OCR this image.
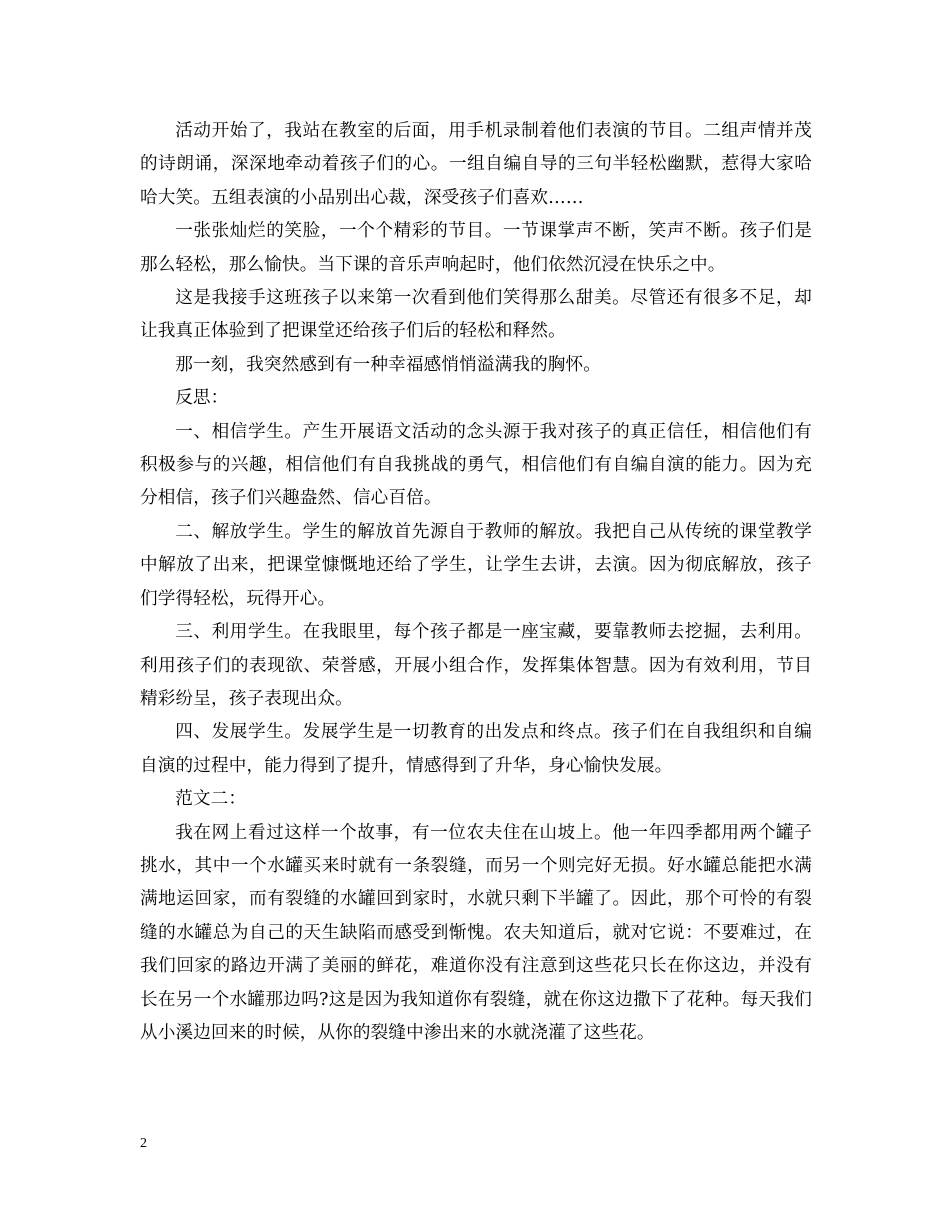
活动开始了，我站在教室的后面，用手机录制着他们表演的节目。二组声情并茂的诗朗诵，深深地牵动着孩子们的心。一组自编自导的三句半轻松幽默，惹得大家哈哈大笑。五组表演的小品别出心裁，深受孩子们喜欢……

一张张灿烂的笑脸，一个个精彩的节目。一节课掌声不断，笑声不断。孩子们是那么轻松，那么愉快。当下课的音乐声响起时，他们依然沉浸在快乐之中。

这是我接手这班孩子以来第一次看到他们笑得那么甜美。尽管还有很多不足，却让我真正体验到了把课堂还给孩子们后的轻松和释然。

那一刻，我突然感到有一种幸福感悄悄溢满我的胸怀。

反思：

一、相信学生。产生开展语文活动的念头源于我对孩子的真正信任，相信他们有积极参与的兴趣，相信他们有自我挑战的勇气，相信他们有自编自演的能力。因为充分相信，孩子们兴趣盎然、信心百倍。

二、解放学生。学生的解放首先源自于教师的解放。我把自己从传统的课堂教学中解放了出来，把课堂慷慨地还给了学生，让学生去讲，去演。因为彻底解放，孩子们学得轻松，玩得开心。

三、利用学生。在我眼里，每个孩子都是一座宝藏，要靠教师去挖掘，去利用。利用孩子们的表现欲、荣誉感，开展小组合作，发挥集体智慧。因为有效利用，节目精彩纷呈，孩子表现出众。

四、发展学生。发展学生是一切教育的出发点和终点。孩子们在自我组织和自编自演的过程中，能力得到了提升，情感得到了升华，身心愉快发展。

范文二：

我在网上看过这样一个故事，有一位农夫住在山坡上。他一年四季都用两个罐子挑水，其中一个水罐买来时就有一条裂缝，而另一个则完好无损。好水罐总能把水满满地运回家，而有裂缝的水罐回到家时，水就只剩下半罐了。因此，那个可怜的有裂缝的水罐总为自己的天生缺陷而感受到惭愧。农夫知道后，就对它说：不要难过，在我们回家的路边开满了美丽的鲜花，难道你没有注意到这些花只长在你这边，并没有长在另一个水罐那边吗?这是因为我知道你有裂缝，就在你这边撒下了花种。每天我们从小溪边回来的时候，从你的裂缝中渗出来的水就浇灌了这些花。

2
